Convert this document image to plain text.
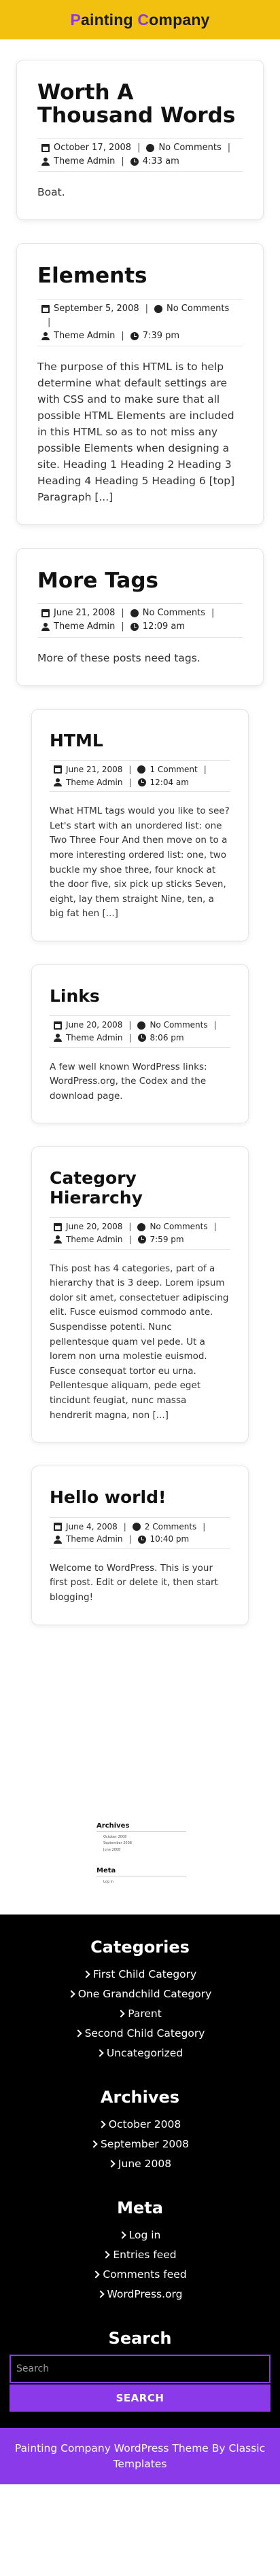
Painting Company
Worth A Thousand Words
October 17, 2008 | No Comments |
Theme Admin | 4:33 am

Boat.

Elements
September 5, 2008 | No Comments
|
Theme Admin | 7:39 pm

The purpose of this HTML is to help determine what default settings are with CSS and to make sure that all possible HTML Elements are included in this HTML so as to not miss any possible Elements when designing a site. Heading 1 Heading 2 Heading 3 Heading 4 Heading 5 Heading 6 [top] Paragraph [...]

More Tags
June 21, 2008 | No Comments |
Theme Admin | 12:09 am

More of these posts need tags.

HTML
June 21, 2008 | 1 Comment |
Theme Admin | 12:04 am

What HTML tags would you like to see? Let's start with an unordered list: one Two Three Four And then move on to a more interesting ordered list: one, two buckle my shoe three, four knock at the door five, six pick up sticks Seven, eight, lay them straight Nine, ten, a big fat hen [...]

Links
June 20, 2008 | No Comments |
Theme Admin | 8:06 pm

A few well known WordPress links: WordPress.org, the Codex and the download page.

Category Hierarchy
June 20, 2008 | No Comments |
Theme Admin | 7:59 pm

This post has 4 categories, part of a hierarchy that is 3 deep. Lorem ipsum dolor sit amet, consectetuer adipiscing elit. Fusce euismod commodo ante. Suspendisse potenti. Nunc pellentesque quam vel pede. Ut a lorem non urna molestie euismod. Fusce consequat tortor eu urna. Pellentesque aliquam, pede eget tincidunt feugiat, nunc massa hendrerit magna, non [...]

Hello world!
June 4, 2008 | 2 Comments |
Theme Admin | 10:40 pm

Welcome to WordPress. This is your first post. Edit or delete it, then start blogging!

Archives
October 2008
September 2008
June 2008
Meta
Log in
Categories
First Child Category
One Grandchild Category
Parent
Second Child Category
Uncategorized
Archives
October 2008
September 2008
June 2008
Meta
Log in
Entries feed
Comments feed
WordPress.org
Search
Search
SEARCH
Painting Company WordPress Theme By Classic Templates
